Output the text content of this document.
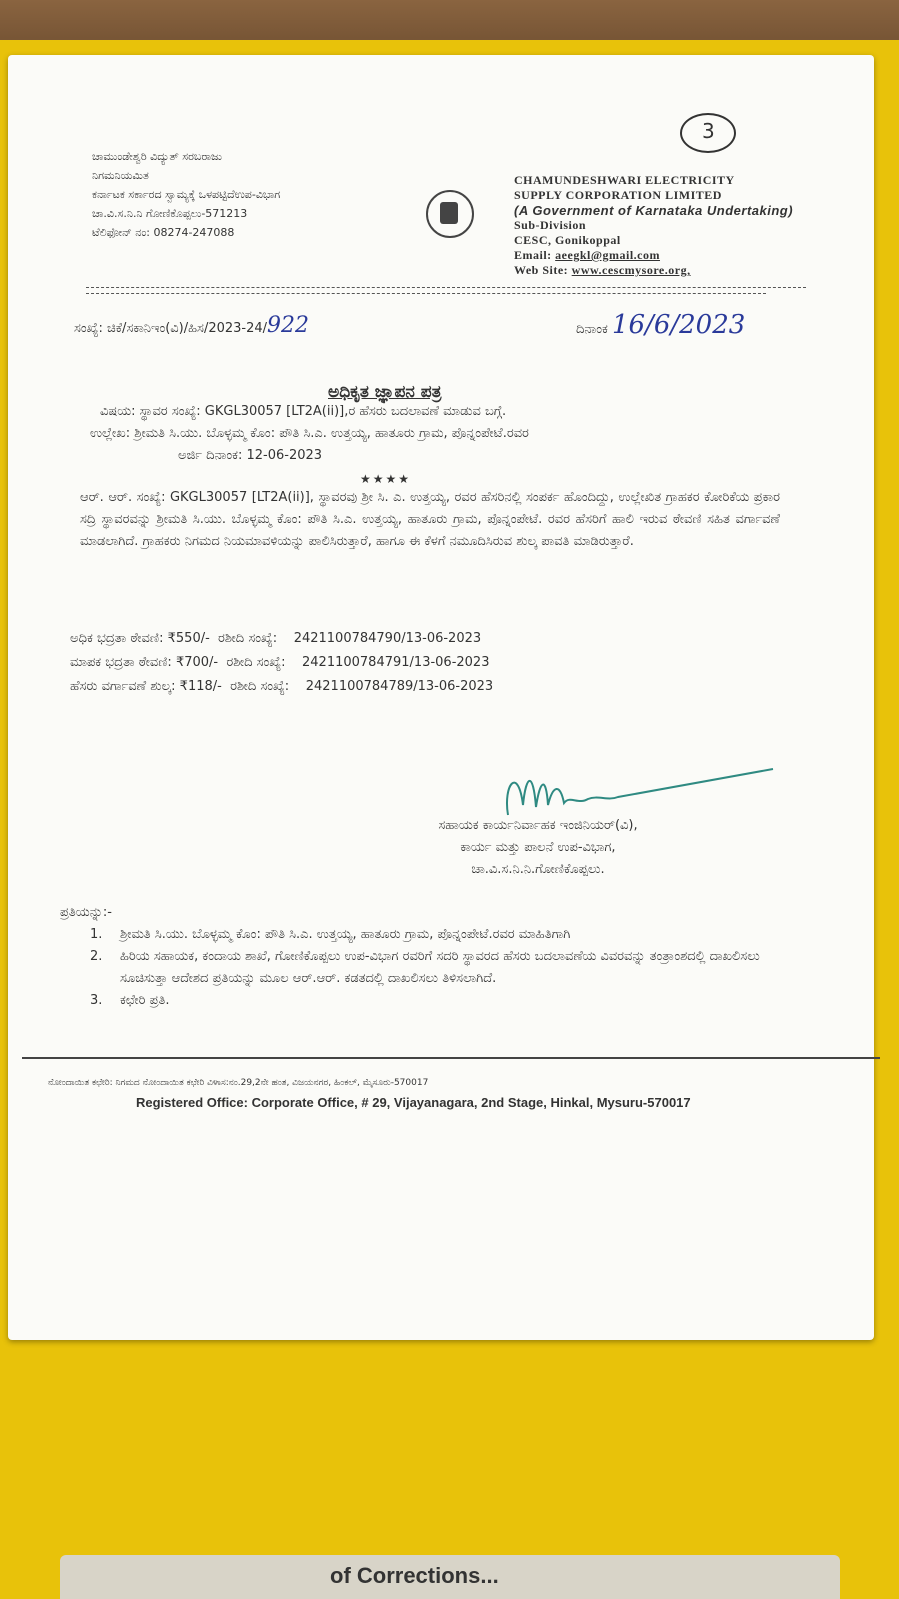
of Corrections...
3
ಚಾಮುಂಡೇಶ್ವರಿ ವಿದ್ಯುತ್ ಸರಬರಾಜು
ನಿಗಮನಿಯಮಿತ
ಕರ್ನಾಟಕ ಸರ್ಕಾರದ ಸ್ವಾಮ್ಯಕ್ಕೆ ಒಳಪಟ್ಟಿದೆಉಪ-ವಿಭಾಗ
ಚಾ.ವಿ.ಸ.ನಿ.ನಿ ಗೋಣಿಕೊಪ್ಪಲು-571213
ಟೆಲಿಫೋನ್ ನಂ: 08274-247088
CHAMUNDESHWARI ELECTRICITY
SUPPLY CORPORATION LIMITED
(A Government of Karnataka Undertaking)
Sub-Division
CESC, Gonikoppal
Email: aeegkl@gmail.com
Web Site: www.cescmysore.org,
ಸಂಖ್ಯೆ: ಚಿಕೆ/ಸಕಾನಿಇಂ(ವಿ)/ಹಿಸ/2023-24/922	ದಿನಾಂಕ 16/6/2023
ಅಧಿಕೃತ ಜ್ಞಾಪನ ಪತ್ರ
ವಿಷಯ: ಸ್ಥಾವರ ಸಂಖ್ಯೆ: GKGL30057 [LT2A(ii)],ರ ಹೆಸರು ಬದಲಾವಣೆ ಮಾಡುವ ಬಗ್ಗೆ.
ಉಲ್ಲೇಖ: ಶ್ರೀಮತಿ ಸಿ.ಯು. ಬೊಳ್ಳಮ್ಮ ಕೊಂ: ಪೌತಿ ಸಿ.ಎ. ಉತ್ತಯ್ಯ, ಹಾತೂರು ಗ್ರಾಮ, ಪೊನ್ನಂಪೇಟೆ.ರವರ
ಅರ್ಜಿ ದಿನಾಂಕ: 12-06-2023
★★★★
ಆರ್. ಆರ್. ಸಂಖ್ಯೆ: GKGL30057 [LT2A(ii)], ಸ್ಥಾವರವು ಶ್ರೀ ಸಿ. ಎ. ಉತ್ತಯ್ಯ, ರವರ ಹೆಸರಿನಲ್ಲಿ ಸಂಪರ್ಕ ಹೊಂದಿದ್ದು, ಉಲ್ಲೇಖಿತ ಗ್ರಾಹಕರ ಕೋರಿಕೆಯ ಪ್ರಕಾರ ಸದ್ರಿ ಸ್ಥಾವರವನ್ನು ಶ್ರೀಮತಿ ಸಿ.ಯು. ಬೊಳ್ಳಮ್ಮ ಕೊಂ: ಪೌತಿ ಸಿ.ಎ. ಉತ್ತಯ್ಯ, ಹಾತೂರು ಗ್ರಾಮ, ಪೊನ್ನಂಪೇಟೆ. ರವರ ಹೆಸರಿಗೆ ಹಾಲಿ ಇರುವ ಠೇವಣಿ ಸಹಿತ ವರ್ಗಾವಣೆ ಮಾಡಲಾಗಿದೆ. ಗ್ರಾಹಕರು ನಿಗಮದ ನಿಯಮಾವಳಿಯನ್ನು ಪಾಲಿಸಿರುತ್ತಾರೆ, ಹಾಗೂ ಈ ಕೆಳಗೆ ನಮೂದಿಸಿರುವ ಶುಲ್ಕ ಪಾವತಿ ಮಾಡಿರುತ್ತಾರೆ.
ಅಧಿಕ ಭದ್ರತಾ ಠೇವಣಿ: ₹550/- ರಶೀದಿ ಸಂಖ್ಯೆ: 2421100784790/13-06-2023
ಮಾಪಕ ಭದ್ರತಾ ಠೇವಣಿ: ₹700/- ರಶೀದಿ ಸಂಖ್ಯೆ: 2421100784791/13-06-2023
ಹೆಸರು ವರ್ಗಾವಣೆ ಶುಲ್ಕ: ₹118/- ರಶೀದಿ ಸಂಖ್ಯೆ: 2421100784789/13-06-2023
ಸಹಾಯಕ ಕಾರ್ಯನಿರ್ವಾಹಕ ಇಂಜಿನಿಯರ್(ವಿ),
ಕಾರ್ಯ ಮತ್ತು ಪಾಲನೆ ಉಪ-ವಿಭಾಗ,
ಚಾ.ವಿ.ಸ.ನಿ.ನಿ.ಗೋಣಿಕೊಪ್ಪಲು.
ಪ್ರತಿಯನ್ನು:-
1.	ಶ್ರೀಮತಿ ಸಿ.ಯು. ಬೊಳ್ಳಮ್ಮ ಕೊಂ: ಪೌತಿ ಸಿ.ಎ. ಉತ್ತಯ್ಯ, ಹಾತೂರು ಗ್ರಾಮ, ಪೊನ್ನಂಪೇಟೆ.ರವರ ಮಾಹಿತಿಗಾಗಿ
2.	ಹಿರಿಯ ಸಹಾಯಕ, ಕಂದಾಯ ಶಾಖೆ, ಗೋಣಿಕೊಪ್ಪಲು ಉಪ-ವಿಭಾಗ ರವರಿಗೆ ಸದರಿ ಸ್ಥಾವರದ ಹೆಸರು ಬದಲಾವಣೆಯ ವಿವರವನ್ನು ತಂತ್ರಾಂಶದಲ್ಲಿ ದಾಖಲಿಸಲು ಸೂಚಿಸುತ್ತಾ ಆದೇಶದ ಪ್ರತಿಯನ್ನು ಮೂಲ ಆರ್.ಆರ್. ಕಡತದಲ್ಲಿ ದಾಖಲಿಸಲು ತಿಳಿಸಲಾಗಿದೆ.
3.	ಕಛೇರಿ ಪ್ರತಿ.
ನೋಂದಾಯಿತ ಕಛೇರಿ: ನಿಗಮದ ನೋಂದಾಯಿತ ಕಛೇರಿ ವಿಳಾಸ:ನಂ.29,2ನೇ ಹಂತ, ವಿಜಯನಗರ, ಹಿಂಕಲ್, ಮೈಸೂರು-570017
Registered Office: Corporate Office, # 29, Vijayanagara, 2nd Stage, Hinkal, Mysuru-570017
